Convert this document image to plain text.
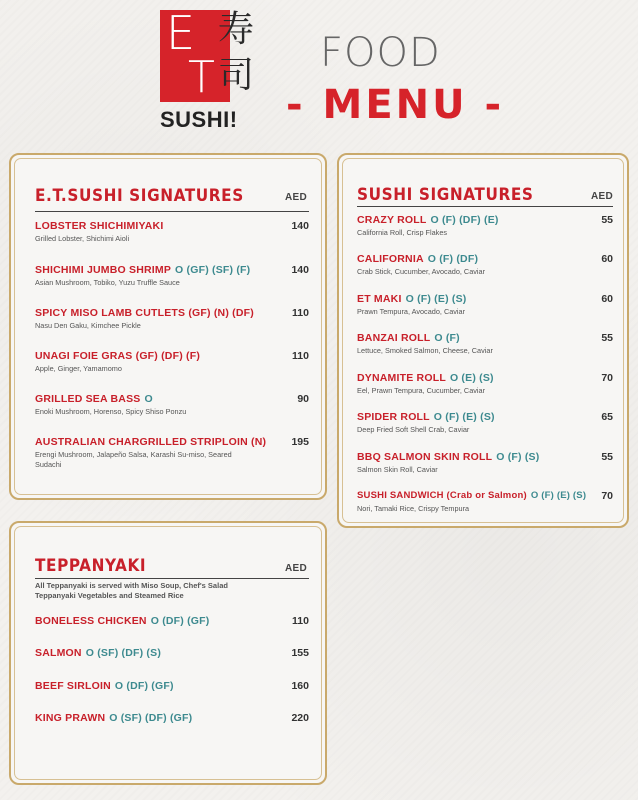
E
T
寿
司
SUSHI!
FOOD
- MENU -
E.T.SUSHI SIGNATURES	AED
LOBSTER SHICHIMIYAKI	140
Grilled Lobster, Shichimi Aioli
SHICHIMI JUMBO SHRIMP O (GF) (SF) (F)	140
Asian Mushroom, Tobiko, Yuzu Truffle Sauce
SPICY MISO LAMB CUTLETS (GF) (N) (DF)	110
Nasu Den Gaku, Kimchee Pickle
UNAGI FOIE GRAS (GF) (DF) (F)	110
Apple, Ginger, Yamamomo
GRILLED SEA BASS O	90
Enoki Mushroom, Horenso, Spicy Shiso Ponzu
AUSTRALIAN CHARGRILLED STRIPLOIN (N)	195
Erengi Mushroom, Jalapeño Salsa, Karashi Su-miso, Seared Sudachi
SUSHI SIGNATURES	AED
CRAZY ROLL O (F) (DF) (E)	55
California Roll, Crisp Flakes
CALIFORNIA O (F) (DF)	60
Crab Stick, Cucumber, Avocado, Caviar
ET MAKI O (F) (E) (S)	60
Prawn Tempura, Avocado, Caviar
BANZAI ROLL O (F)	55
Lettuce, Smoked Salmon, Cheese, Caviar
DYNAMITE ROLL O (E) (S)	70
Eel, Prawn Tempura, Cucumber, Caviar
SPIDER ROLL O (F) (E) (S)	65
Deep Fried Soft Shell Crab, Caviar
BBQ SALMON SKIN ROLL O (F) (S)	55
Salmon Skin Roll, Caviar
SUSHI SANDWICH (Crab or Salmon) O (F) (E) (S)	70
Nori, Tamaki Rice, Crispy Tempura
TEPPANYAKI	AED
All Teppanyaki is served with Miso Soup, Chef's Salad Teppanyaki Vegetables and Steamed Rice
BONELESS CHICKEN O (DF) (GF)	110
SALMON O (SF) (DF) (S)	155
BEEF SIRLOIN O (DF) (GF)	160
KING PRAWN O (SF) (DF) (GF)	220
